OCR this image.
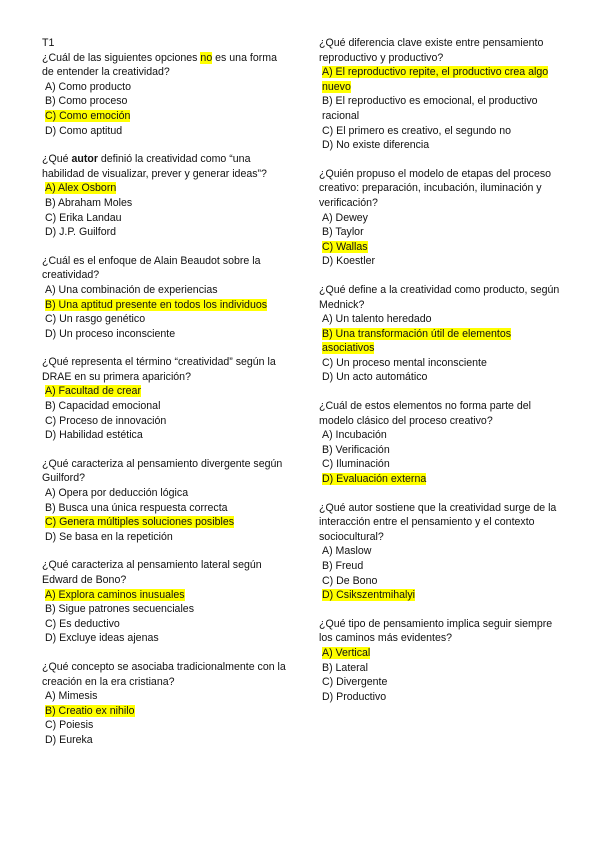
T1
¿Cuál de las siguientes opciones no es una forma de entender la creatividad?
A) Como producto
B) Como proceso
C) Como emoción
D) Como aptitud
¿Qué autor definió la creatividad como “una habilidad de visualizar, prever y generar ideas”?
A) Alex Osborn
B) Abraham Moles
C) Erika Landau
D) J.P. Guilford
¿Cuál es el enfoque de Alain Beaudot sobre la creatividad?
A) Una combinación de experiencias
B) Una aptitud presente en todos los individuos
C) Un rasgo genético
D) Un proceso inconsciente
¿Qué representa el término “creatividad” según la DRAE en su primera aparición?
A) Facultad de crear
B) Capacidad emocional
C) Proceso de innovación
D) Habilidad estética
¿Qué caracteriza al pensamiento divergente según Guilford?
A) Opera por deducción lógica
B) Busca una única respuesta correcta
C) Genera múltiples soluciones posibles
D) Se basa en la repetición
¿Qué caracteriza al pensamiento lateral según Edward de Bono?
A) Explora caminos inusuales
B) Sigue patrones secuenciales
C) Es deductivo
D) Excluye ideas ajenas
¿Qué concepto se asociaba tradicionalmente con la creación en la era cristiana?
A) Mimesis
B) Creatio ex nihilo
C) Poiesis
D) Eureka
¿Qué diferencia clave existe entre pensamiento reproductivo y productivo?
A) El reproductivo repite, el productivo crea algo nuevo
B) El reproductivo es emocional, el productivo racional
C) El primero es creativo, el segundo no
D) No existe diferencia
¿Quién propuso el modelo de etapas del proceso creativo: preparación, incubación, iluminación y verificación?
A) Dewey
B) Taylor
C) Wallas
D) Koestler
¿Qué define a la creatividad como producto, según Mednick?
A) Un talento heredado
B) Una transformación útil de elementos asociativos
C) Un proceso mental inconsciente
D) Un acto automático
¿Cuál de estos elementos no forma parte del modelo clásico del proceso creativo?
A) Incubación
B) Verificación
C) Iluminación
D) Evaluación externa
¿Qué autor sostiene que la creatividad surge de la interacción entre el pensamiento y el contexto sociocultural?
A) Maslow
B) Freud
C) De Bono
D) Csikszentmihalyi
¿Qué tipo de pensamiento implica seguir siempre los caminos más evidentes?
A) Vertical
B) Lateral
C) Divergente
D) Productivo
